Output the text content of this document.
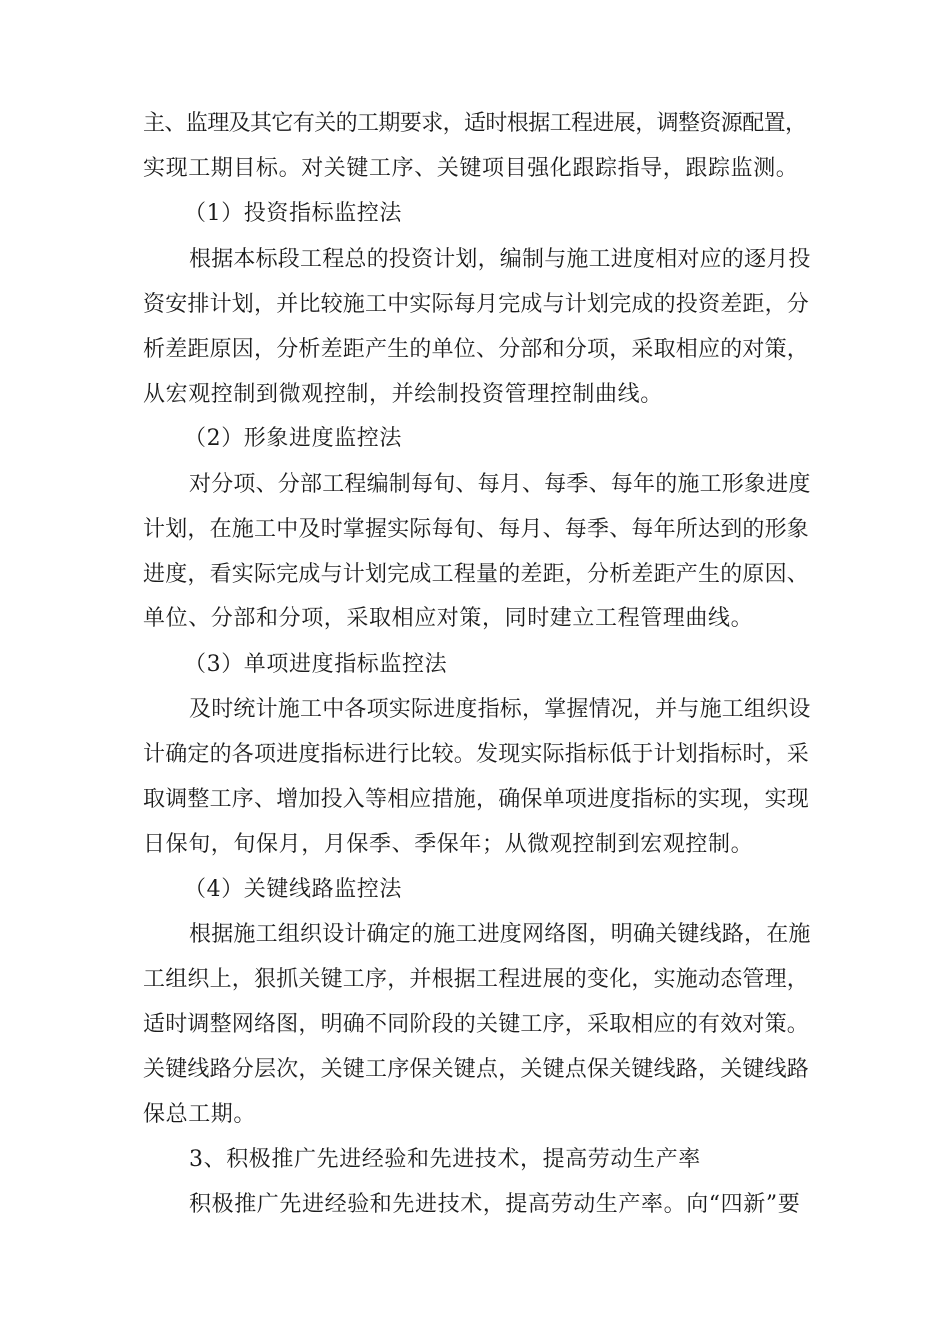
主、监理及其它有关的工期要求，适时根据工程进展，调整资源配置，
实现工期目标。对关键工序、关键项目强化跟踪指导，跟踪监测。
（1）投资指标监控法
根据本标段工程总的投资计划，编制与施工进度相对应的逐月投
资安排计划，并比较施工中实际每月完成与计划完成的投资差距，分
析差距原因，分析差距产生的单位、分部和分项，采取相应的对策，
从宏观控制到微观控制，并绘制投资管理控制曲线。
（2）形象进度监控法
对分项、分部工程编制每旬、每月、每季、每年的施工形象进度
计划，在施工中及时掌握实际每旬、每月、每季、每年所达到的形象
进度，看实际完成与计划完成工程量的差距，分析差距产生的原因、
单位、分部和分项，采取相应对策，同时建立工程管理曲线。
（3）单项进度指标监控法
及时统计施工中各项实际进度指标，掌握情况，并与施工组织设
计确定的各项进度指标进行比较。发现实际指标低于计划指标时，采
取调整工序、增加投入等相应措施，确保单项进度指标的实现，实现
日保旬，旬保月，月保季、季保年；从微观控制到宏观控制。
（4）关键线路监控法
根据施工组织设计确定的施工进度网络图，明确关键线路，在施
工组织上，狠抓关键工序，并根据工程进展的变化，实施动态管理，
适时调整网络图，明确不同阶段的关键工序，采取相应的有效对策。
关键线路分层次，关键工序保关键点，关键点保关键线路，关键线路
保总工期。
3、积极推广先进经验和先进技术，提高劳动生产率
积极推广先进经验和先进技术，提高劳动生产率。向“四新”要
